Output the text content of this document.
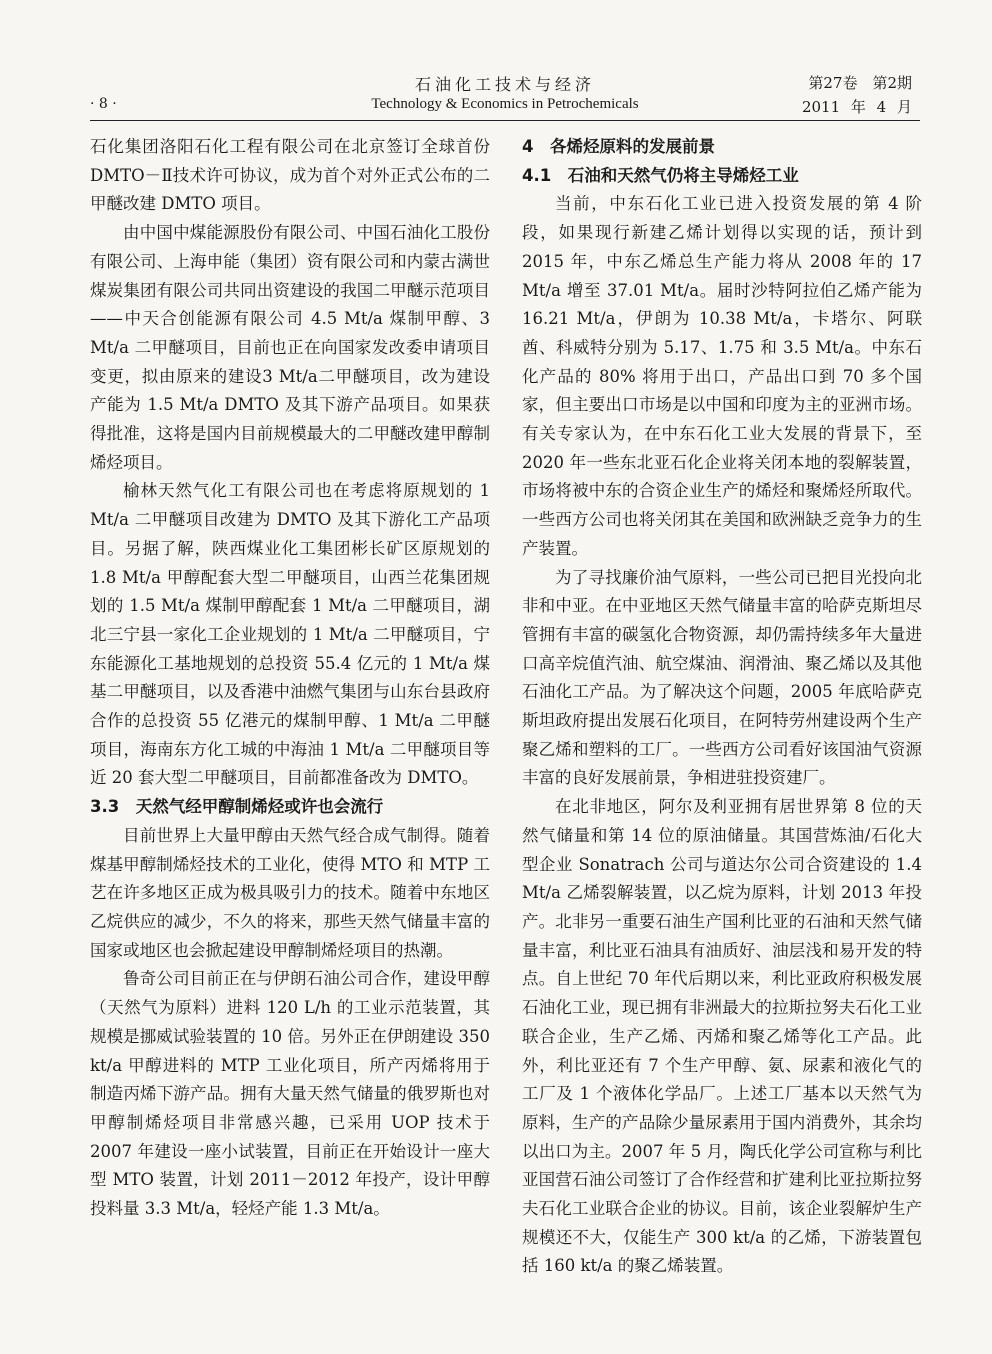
· 8 ·
石油化工技术与经济
Technology & Economics in Petrochemicals
第27卷　第2期
2011 年 4 月

石化集团洛阳石化工程有限公司在北京签订全球首份 DMTO－Ⅱ技术许可协议，成为首个对外正式公布的二甲醚改建 DMTO 项目。

由中国中煤能源股份有限公司、中国石油化工股份有限公司、上海申能（集团）资有限公司和内蒙古满世煤炭集团有限公司共同出资建设的我国二甲醚示范项目——中天合创能源有限公司 4.5 Mt/a 煤制甲醇、3 Mt/a 二甲醚项目，目前也正在向国家发改委申请项目变更，拟由原来的建设3 Mt/a二甲醚项目，改为建设产能为 1.5 Mt/a DMTO 及其下游产品项目。如果获得批准，这将是国内目前规模最大的二甲醚改建甲醇制烯烃项目。

榆林天然气化工有限公司也在考虑将原规划的 1 Mt/a 二甲醚项目改建为 DMTO 及其下游化工产品项目。另据了解，陕西煤业化工集团彬长矿区原规划的 1.8 Mt/a 甲醇配套大型二甲醚项目，山西兰花集团规划的 1.5 Mt/a 煤制甲醇配套 1 Mt/a 二甲醚项目，湖北三宁县一家化工企业规划的 1 Mt/a 二甲醚项目，宁东能源化工基地规划的总投资 55.4 亿元的 1 Mt/a 煤基二甲醚项目，以及香港中油燃气集团与山东台县政府合作的总投资 55 亿港元的煤制甲醇、1 Mt/a 二甲醚项目，海南东方化工城的中海油 1 Mt/a 二甲醚项目等近 20 套大型二甲醚项目，目前都准备改为 DMTO。

3.3 天然气经甲醇制烯烃或许也会流行

目前世界上大量甲醇由天然气经合成气制得。随着煤基甲醇制烯烃技术的工业化，使得 MTO 和 MTP 工艺在许多地区正成为极具吸引力的技术。随着中东地区乙烷供应的减少，不久的将来，那些天然气储量丰富的国家或地区也会掀起建设甲醇制烯烃项目的热潮。

鲁奇公司目前正在与伊朗石油公司合作，建设甲醇（天然气为原料）进料 120 L/h 的工业示范装置，其规模是挪威试验装置的 10 倍。另外正在伊朗建设 350 kt/a 甲醇进料的 MTP 工业化项目，所产丙烯将用于制造丙烯下游产品。拥有大量天然气储量的俄罗斯也对甲醇制烯烃项目非常感兴趣，已采用 UOP 技术于 2007 年建设一座小试装置，目前正在开始设计一座大型 MTO 装置，计划 2011－2012 年投产，设计甲醇投料量 3.3 Mt/a，轻烃产能 1.3 Mt/a。

4 各烯烃原料的发展前景
4.1 石油和天然气仍将主导烯烃工业

当前，中东石化工业已进入投资发展的第 4 阶段，如果现行新建乙烯计划得以实现的话，预计到 2015 年，中东乙烯总生产能力将从 2008 年的 17 Mt/a 增至 37.01 Mt/a。届时沙特阿拉伯乙烯产能为 16.21 Mt/a，伊朗为 10.38 Mt/a，卡塔尔、阿联酋、科威特分别为 5.17、1.75 和 3.5 Mt/a。中东石化产品的 80% 将用于出口，产品出口到 70 多个国家，但主要出口市场是以中国和印度为主的亚洲市场。有关专家认为，在中东石化工业大发展的背景下，至 2020 年一些东北亚石化企业将关闭本地的裂解装置，市场将被中东的合资企业生产的烯烃和聚烯烃所取代。一些西方公司也将关闭其在美国和欧洲缺乏竞争力的生产装置。

为了寻找廉价油气原料，一些公司已把目光投向北非和中亚。在中亚地区天然气储量丰富的哈萨克斯坦尽管拥有丰富的碳氢化合物资源，却仍需持续多年大量进口高辛烷值汽油、航空煤油、润滑油、聚乙烯以及其他石油化工产品。为了解决这个问题，2005 年底哈萨克斯坦政府提出发展石化项目，在阿特劳州建设两个生产聚乙烯和塑料的工厂。一些西方公司看好该国油气资源丰富的良好发展前景，争相进驻投资建厂。

在北非地区，阿尔及利亚拥有居世界第 8 位的天然气储量和第 14 位的原油储量。其国营炼油/石化大型企业 Sonatrach 公司与道达尔公司合资建设的 1.4 Mt/a 乙烯裂解装置，以乙烷为原料，计划 2013 年投产。北非另一重要石油生产国利比亚的石油和天然气储量丰富，利比亚石油具有油质好、油层浅和易开发的特点。自上世纪 70 年代后期以来，利比亚政府积极发展石油化工业，现已拥有非洲最大的拉斯拉努夫石化工业联合企业，生产乙烯、丙烯和聚乙烯等化工产品。此外，利比亚还有 7 个生产甲醇、氨、尿素和液化气的工厂及 1 个液体化学品厂。上述工厂基本以天然气为原料，生产的产品除少量尿素用于国内消费外，其余均以出口为主。2007 年 5 月，陶氏化学公司宣称与利比亚国营石油公司签订了合作经营和扩建利比亚拉斯拉努夫石化工业联合企业的协议。目前，该企业裂解炉生产规模还不大，仅能生产 300 kt/a 的乙烯，下游装置包括 160 kt/a 的聚乙烯装置。
